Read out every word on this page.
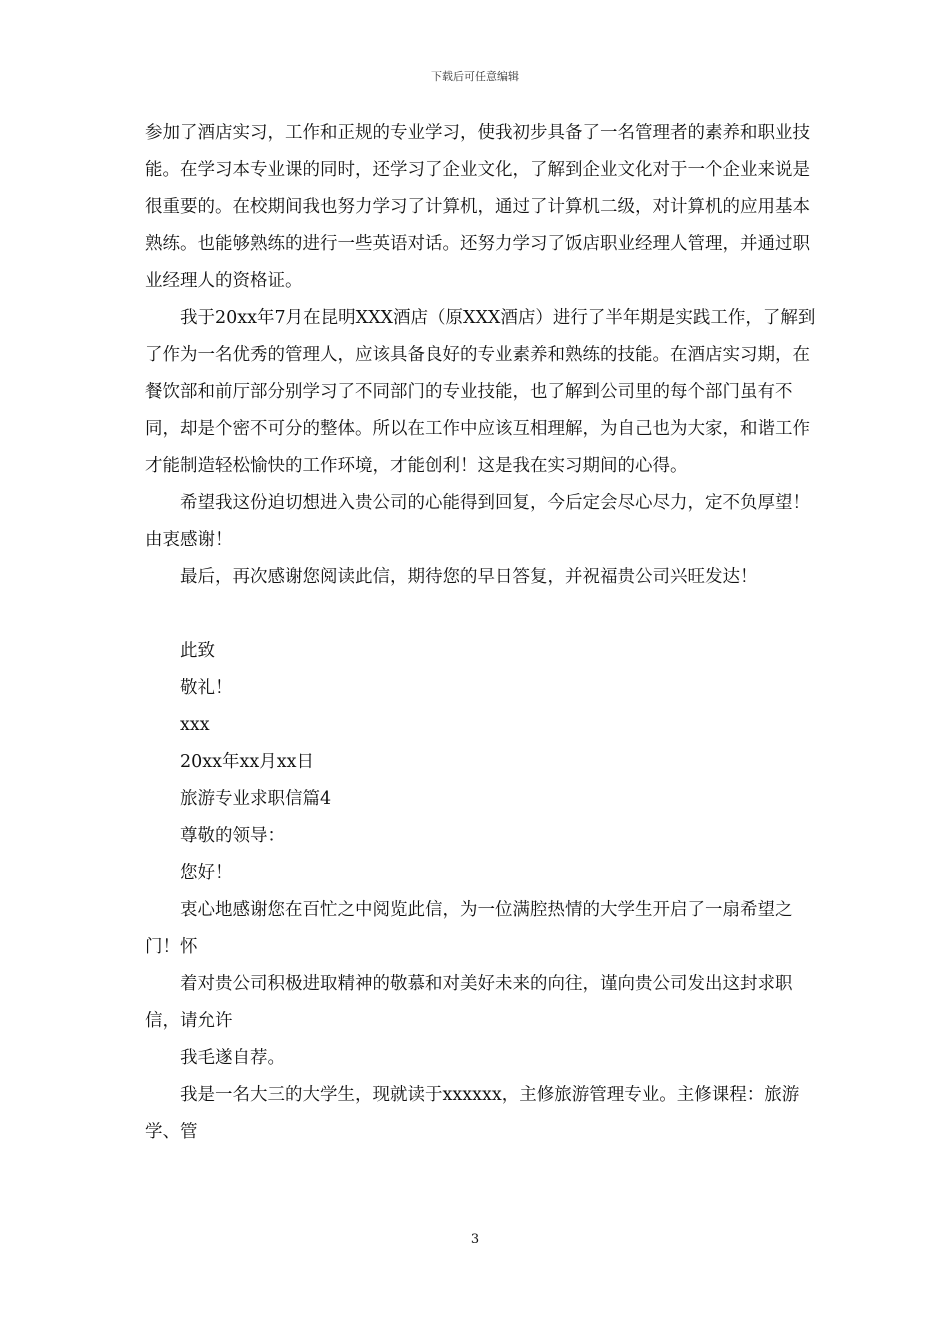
下载后可任意编辑

参加了酒店实习，工作和正规的专业学习，使我初步具备了一名管理者的素养和职业技能。在学习本专业课的同时，还学习了企业文化，了解到企业文化对于一个企业来说是很重要的。在校期间我也努力学习了计算机，通过了计算机二级，对计算机的应用基本熟练。也能够熟练的进行一些英语对话。还努力学习了饭店职业经理人管理，并通过职业经理人的资格证。

我于20xx年7月在昆明XXX酒店（原XXX酒店）进行了半年期是实践工作，了解到了作为一名优秀的管理人，应该具备良好的专业素养和熟练的技能。在酒店实习期，在餐饮部和前厅部分别学习了不同部门的专业技能，也了解到公司里的每个部门虽有不同，却是个密不可分的整体。所以在工作中应该互相理解，为自己也为大家，和谐工作才能制造轻松愉快的工作环境，才能创利！这是我在实习期间的心得。

希望我这份迫切想进入贵公司的心能得到回复，今后定会尽心尽力，定不负厚望！由衷感谢！

最后，再次感谢您阅读此信，期待您的早日答复，并祝福贵公司兴旺发达！

此致

敬礼！

xxx

20xx年xx月xx日

旅游专业求职信篇4

尊敬的领导：

您好！

衷心地感谢您在百忙之中阅览此信，为一位满腔热情的大学生开启了一扇希望之门！怀

着对贵公司积极进取精神的敬慕和对美好未来的向往，谨向贵公司发出这封求职信，请允许

我毛遂自荐。

我是一名大三的大学生，现就读于xxxxxx，主修旅游管理专业。主修课程：旅游学、管

3
